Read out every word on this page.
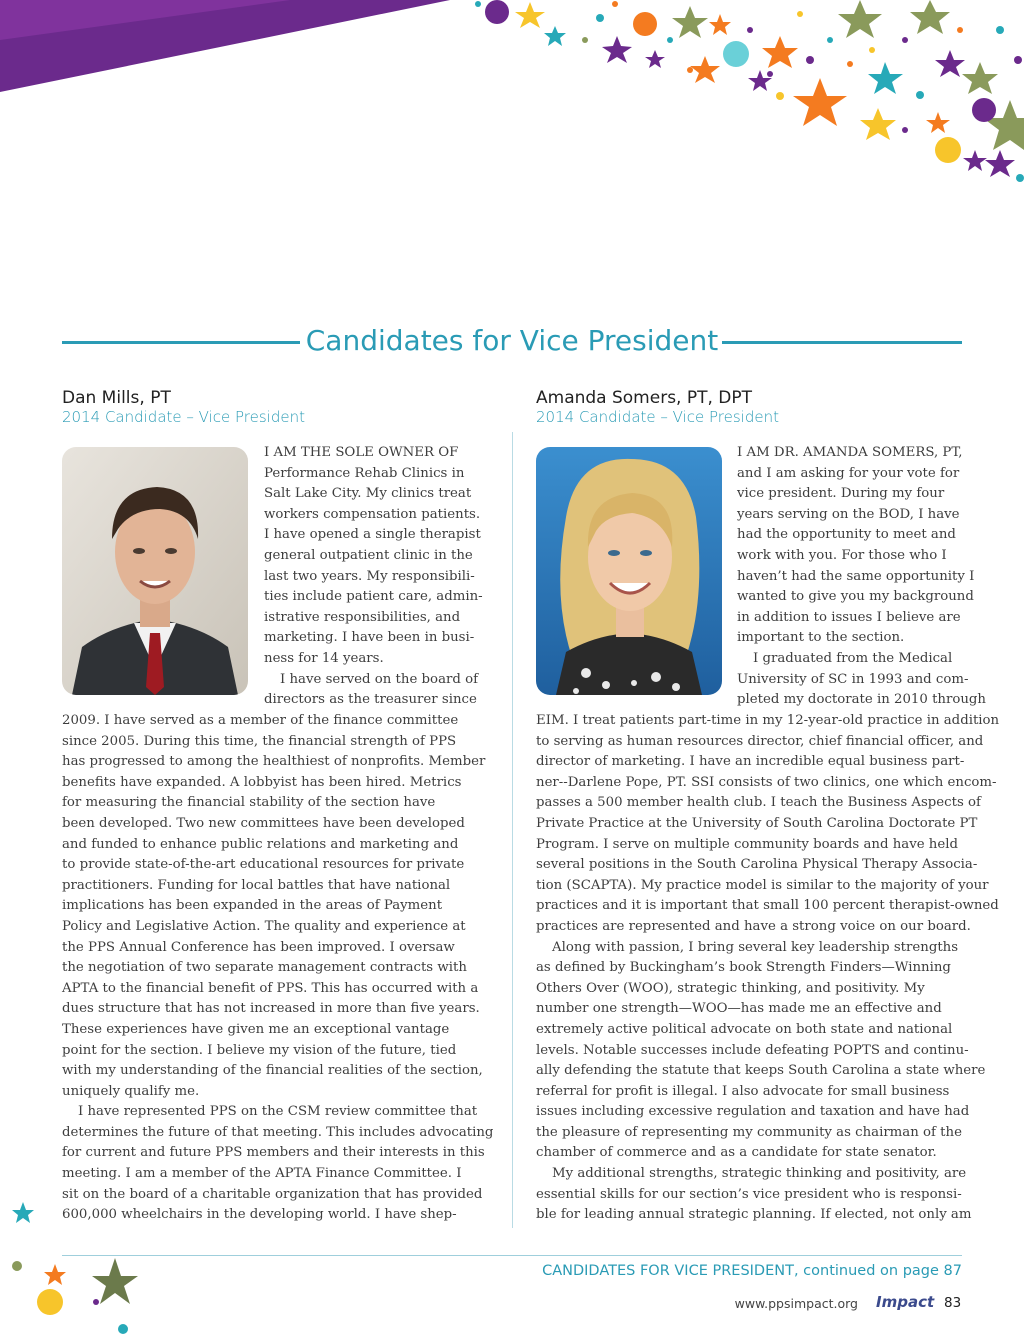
Candidates for Vice President

Dan Mills, PT

2014 Candidate – Vice President

Amanda Somers, PT, DPT

2014 Candidate – Vice President

I AM THE SOLE OWNER OF
Performance Rehab Clinics in
Salt Lake City. My clinics treat
workers compensation patients.
I have opened a single therapist
general outpatient clinic in the
last two years. My responsibili-
ties include patient care, admin-
istrative responsibilities, and
marketing. I have been in busi-
ness for 14 years.
I have served on the board of
directors as the treasurer since
2009. I have served as a member of the finance committee
since 2005. During this time, the financial strength of PPS
has progressed to among the healthiest of nonprofits. Member
benefits have expanded. A lobbyist has been hired. Metrics
for measuring the financial stability of the section have
been developed. Two new committees have been developed
and funded to enhance public relations and marketing and
to provide state-of-the-art educational resources for private
practitioners. Funding for local battles that have national
implications has been expanded in the areas of Payment
Policy and Legislative Action. The quality and experience at
the PPS Annual Conference has been improved. I oversaw
the negotiation of two separate management contracts with
APTA to the financial benefit of PPS. This has occurred with a
dues structure that has not increased in more than five years.
These experiences have given me an exceptional vantage
point for the section. I believe my vision of the future, tied
with my understanding of the financial realities of the section,
uniquely qualify me.
I have represented PPS on the CSM review committee that
determines the future of that meeting. This includes advocating
for current and future PPS members and their interests in this
meeting. I am a member of the APTA Finance Committee. I
sit on the board of a charitable organization that has provided
600,000 wheelchairs in the developing world. I have shep-
I AM DR. AMANDA SOMERS, PT,
and I am asking for your vote for
vice president. During my four
years serving on the BOD, I have
had the opportunity to meet and
work with you. For those who I
haven’t had the same opportunity I
wanted to give you my background
in addition to issues I believe are
important to the section.
I graduated from the Medical
University of SC in 1993 and com-
pleted my doctorate in 2010 through
EIM. I treat patients part-time in my 12-year-old practice in addition
to serving as human resources director, chief financial officer, and
director of marketing. I have an incredible equal business part-
ner--Darlene Pope, PT. SSI consists of two clinics, one which encom-
passes a 500 member health club. I teach the Business Aspects of
Private Practice at the University of South Carolina Doctorate PT
Program. I serve on multiple community boards and have held
several positions in the South Carolina Physical Therapy Associa-
tion (SCAPTA). My practice model is similar to the majority of your
practices and it is important that small 100 percent therapist-owned
practices are represented and have a strong voice on our board.
Along with passion, I bring several key leadership strengths
as defined by Buckingham’s book Strength Finders—Winning
Others Over (WOO), strategic thinking, and positivity. My
number one strength—WOO—has made me an effective and
extremely active political advocate on both state and national
levels. Notable successes include defeating POPTS and continu-
ally defending the statute that keeps South Carolina a state where
referral for profit is illegal. I also advocate for small business
issues including excessive regulation and taxation and have had
the pleasure of representing my community as chairman of the
chamber of commerce and as a candidate for state senator.
My additional strengths, strategic thinking and positivity, are
essential skills for our section’s vice president who is responsi-
ble for leading annual strategic planning. If elected, not only am
CANDIDATES FOR VICE PRESIDENT, continued on page 87
www.ppsimpact.org Impact 83
